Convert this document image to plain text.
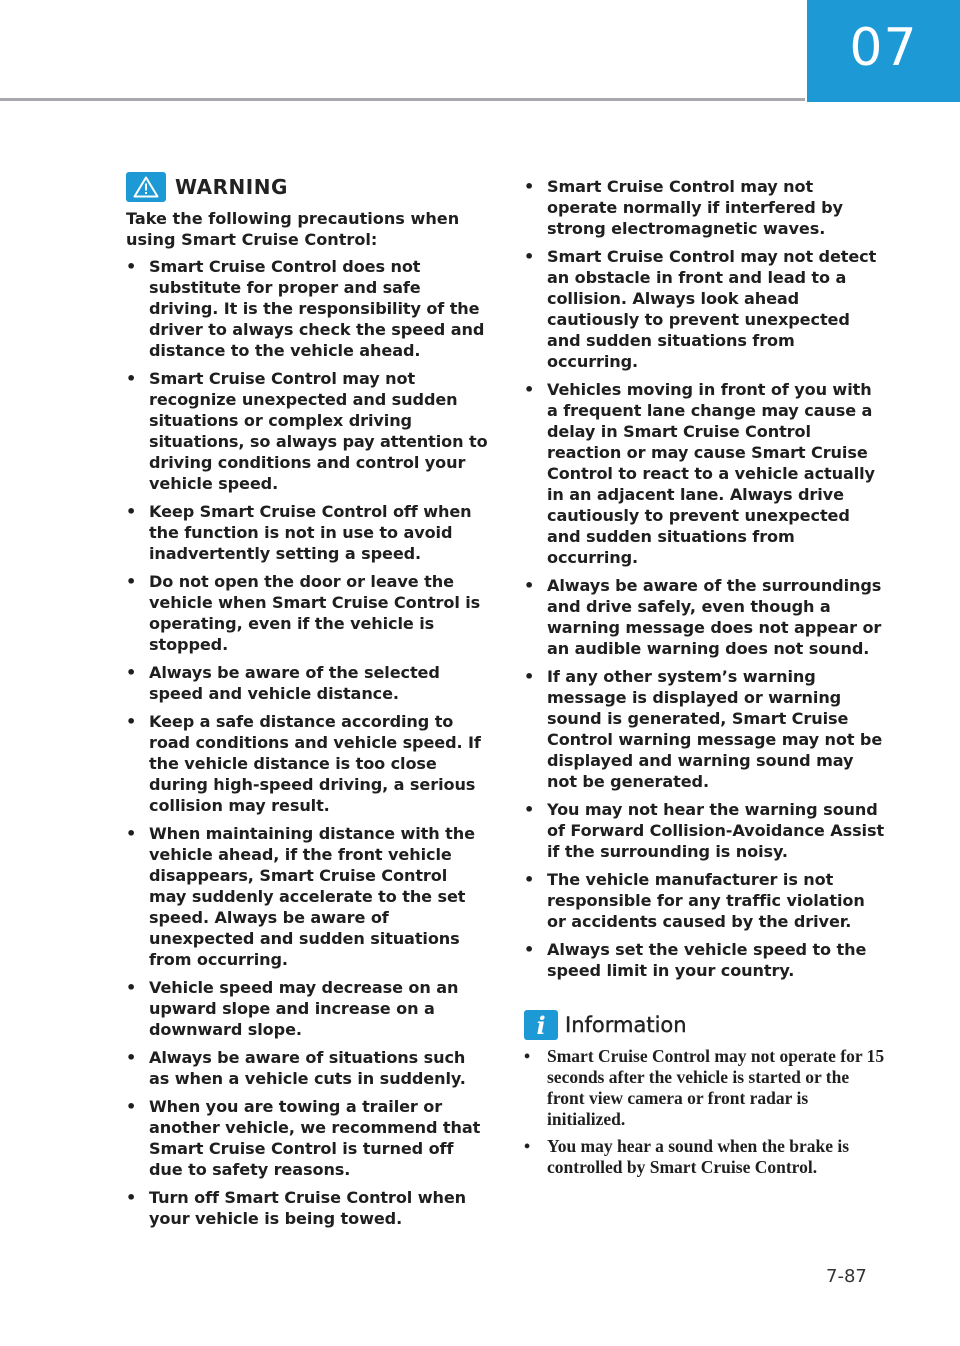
07
WARNING

Take the following precautions when using Smart Cruise Control:

• Smart Cruise Control does not substitute for proper and safe driving. It is the responsibility of the driver to always check the speed and distance to the vehicle ahead.
• Smart Cruise Control may not recognize unexpected and sudden situations or complex driving situations, so always pay attention to driving conditions and control your vehicle speed.
• Keep Smart Cruise Control off when the function is not in use to avoid inadvertently setting a speed.
• Do not open the door or leave the vehicle when Smart Cruise Control is operating, even if the vehicle is stopped.
• Always be aware of the selected speed and vehicle distance.
• Keep a safe distance according to road conditions and vehicle speed. If the vehicle distance is too close during high-speed driving, a serious collision may result.
• When maintaining distance with the vehicle ahead, if the front vehicle disappears, Smart Cruise Control may suddenly accelerate to the set speed. Always be aware of unexpected and sudden situations from occurring.
• Vehicle speed may decrease on an upward slope and increase on a downward slope.
• Always be aware of situations such as when a vehicle cuts in suddenly.
• When you are towing a trailer or another vehicle, we recommend that Smart Cruise Control is turned off due to safety reasons.
• Turn off Smart Cruise Control when your vehicle is being towed.
• Smart Cruise Control may not operate normally if interfered by strong electromagnetic waves.
• Smart Cruise Control may not detect an obstacle in front and lead to a collision. Always look ahead cautiously to prevent unexpected and sudden situations from occurring.
• Vehicles moving in front of you with a frequent lane change may cause a delay in Smart Cruise Control reaction or may cause Smart Cruise Control to react to a vehicle actually in an adjacent lane. Always drive cautiously to prevent unexpected and sudden situations from occurring.
• Always be aware of the surroundings and drive safely, even though a warning message does not appear or an audible warning does not sound.
• If any other system’s warning message is displayed or warning sound is generated, Smart Cruise Control warning message may not be displayed and warning sound may not be generated.
• You may not hear the warning sound of Forward Collision-Avoidance Assist if the surrounding is noisy.
• The vehicle manufacturer is not responsible for any traffic violation or accidents caused by the driver.
• Always set the vehicle speed to the speed limit in your country.
i Information
• Smart Cruise Control may not operate for 15 seconds after the vehicle is started or the front view camera or front radar is initialized.
• You may hear a sound when the brake is controlled by Smart Cruise Control.
7-87
